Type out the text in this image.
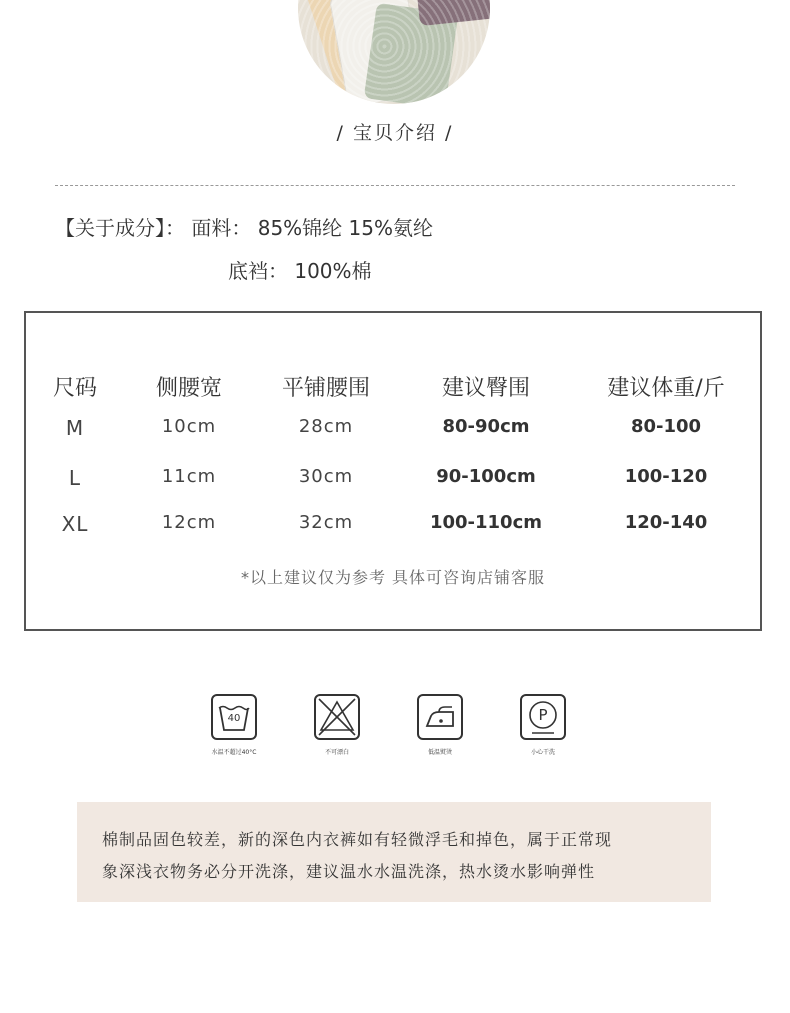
/ 宝贝介绍 /
【关于成分】： 面料： 85%锦纶 15%氨纶
底裆： 100%棉
尺码	侧腰宽	平铺腰围	建议臀围	建议体重/斤
M	10cm	28cm	80-90cm	80-100
L	11cm	30cm	90-100cm	100-120
XL	12cm	32cm	100-110cm	120-140
*以上建议仅为参考 具体可咨询店铺客服
40
水温不超过40°C	不可漂白	低温熨烫
P
小心干洗

棉制品固色较差，新的深色内衣裤如有轻微浮毛和掉色，属于正常现

象深浅衣物务必分开洗涤，建议温水水温洗涤，热水烫水影响弹性
